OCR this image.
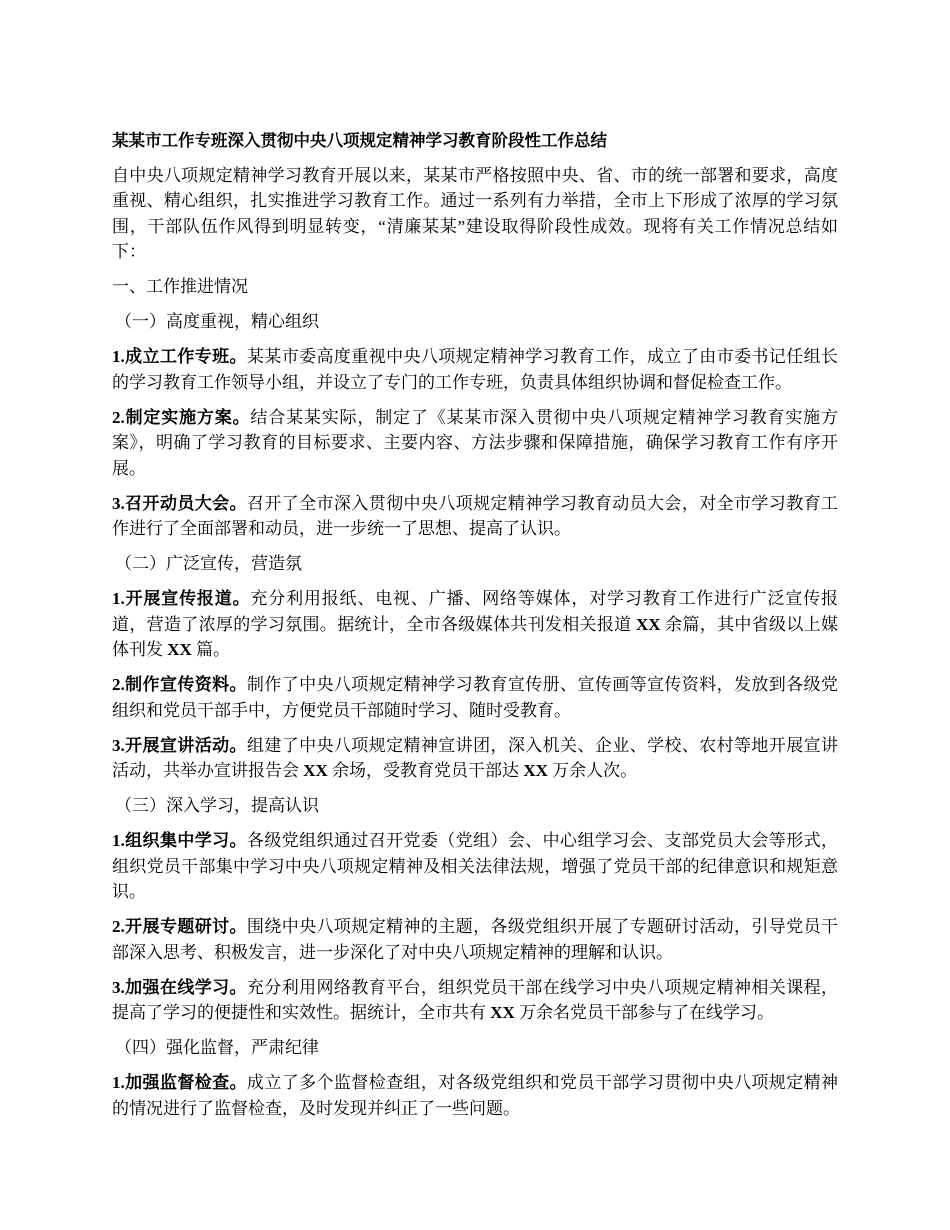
某某市工作专班深入贯彻中央八项规定精神学习教育阶段性工作总结

自中央八项规定精神学习教育开展以来，某某市严格按照中央、省、市的统一部署和要求，高度重视、精心组织，扎实推进学习教育工作。通过一系列有力举措，全市上下形成了浓厚的学习氛围，干部队伍作风得到明显转变，“清廉某某”建设取得阶段性成效。现将有关工作情况总结如下：

一、工作推进情况

（一）高度重视，精心组织

1.成立工作专班。某某市委高度重视中央八项规定精神学习教育工作，成立了由市委书记任组长的学习教育工作领导小组，并设立了专门的工作专班，负责具体组织协调和督促检查工作。

2.制定实施方案。结合某某实际，制定了《某某市深入贯彻中央八项规定精神学习教育实施方案》，明确了学习教育的目标要求、主要内容、方法步骤和保障措施，确保学习教育工作有序开展。

3.召开动员大会。召开了全市深入贯彻中央八项规定精神学习教育动员大会，对全市学习教育工作进行了全面部署和动员，进一步统一了思想、提高了认识。

（二）广泛宣传，营造氛

1.开展宣传报道。充分利用报纸、电视、广播、网络等媒体，对学习教育工作进行广泛宣传报道，营造了浓厚的学习氛围。据统计，全市各级媒体共刊发相关报道 XX 余篇，其中省级以上媒体刊发 XX 篇。

2.制作宣传资料。制作了中央八项规定精神学习教育宣传册、宣传画等宣传资料，发放到各级党组织和党员干部手中，方便党员干部随时学习、随时受教育。

3.开展宣讲活动。组建了中央八项规定精神宣讲团，深入机关、企业、学校、农村等地开展宣讲活动，共举办宣讲报告会 XX 余场，受教育党员干部达 XX 万余人次。

（三）深入学习，提高认识

1.组织集中学习。各级党组织通过召开党委（党组）会、中心组学习会、支部党员大会等形式，组织党员干部集中学习中央八项规定精神及相关法律法规，增强了党员干部的纪律意识和规矩意识。

2.开展专题研讨。围绕中央八项规定精神的主题，各级党组织开展了专题研讨活动，引导党员干部深入思考、积极发言，进一步深化了对中央八项规定精神的理解和认识。

3.加强在线学习。充分利用网络教育平台，组织党员干部在线学习中央八项规定精神相关课程，提高了学习的便捷性和实效性。据统计，全市共有 XX 万余名党员干部参与了在线学习。

（四）强化监督，严肃纪律

1.加强监督检查。成立了多个监督检查组，对各级党组织和党员干部学习贯彻中央八项规定精神的情况进行了监督检查，及时发现并纠正了一些问题。
